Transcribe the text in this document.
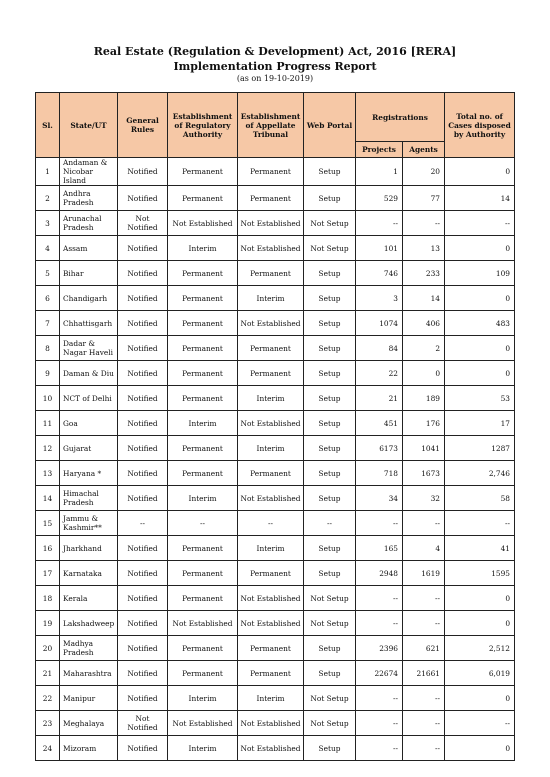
Real Estate (Regulation & Development) Act, 2016 [RERA]
Implementation Progress Report
(as on 19-10-2019)
Sl.	State/UT	General Rules	Establishment of Regulatory Authority	Establishment of Appellate Tribunal	Web Portal	Registrations		Total no. of Cases disposed by Authority
						Projects	Agents	
1	Andaman & Nicobar Island	Notified	Permanent	Permanent	Setup	1	20	0
2	Andhra Pradesh	Notified	Permanent	Permanent	Setup	529	77	14
3	Arunachal Pradesh	Not Notified	Not Established	Not Established	Not Setup	--	--	--
4	Assam	Notified	Interim	Not Established	Not Setup	101	13	0
5	Bihar	Notified	Permanent	Permanent	Setup	746	233	109
6	Chandigarh	Notified	Permanent	Interim	Setup	3	14	0
7	Chhattisgarh	Notified	Permanent	Not Established	Setup	1074	406	483
8	Dadar & Nagar Haveli	Notified	Permanent	Permanent	Setup	84	2	0
9	Daman & Diu	Notified	Permanent	Permanent	Setup	22	0	0
10	NCT of Delhi	Notified	Permanent	Interim	Setup	21	189	53
11	Goa	Notified	Interim	Not Established	Setup	451	176	17
12	Gujarat	Notified	Permanent	Interim	Setup	6173	1041	1287
13	Haryana *	Notified	Permanent	Permanent	Setup	718	1673	2,746
14	Himachal Pradesh	Notified	Interim	Not Established	Setup	34	32	58
15	Jammu & Kashmir**	--	--	--	--	--	--	--
16	Jharkhand	Notified	Permanent	Interim	Setup	165	4	41
17	Karnataka	Notified	Permanent	Permanent	Setup	2948	1619	1595
18	Kerala	Notified	Permanent	Not Established	Not Setup	--	--	0
19	Lakshadweep	Notified	Not Established	Not Established	Not Setup	--	--	0
20	Madhya Pradesh	Notified	Permanent	Permanent	Setup	2396	621	2,512
21	Maharashtra	Notified	Permanent	Permanent	Setup	22674	21661	6,019
22	Manipur	Notified	Interim	Interim	Not Setup	--	--	0
23	Meghalaya	Not Notified	Not Established	Not Established	Not Setup	--	--	--
24	Mizoram	Notified	Interim	Not Established	Setup	--	--	0
